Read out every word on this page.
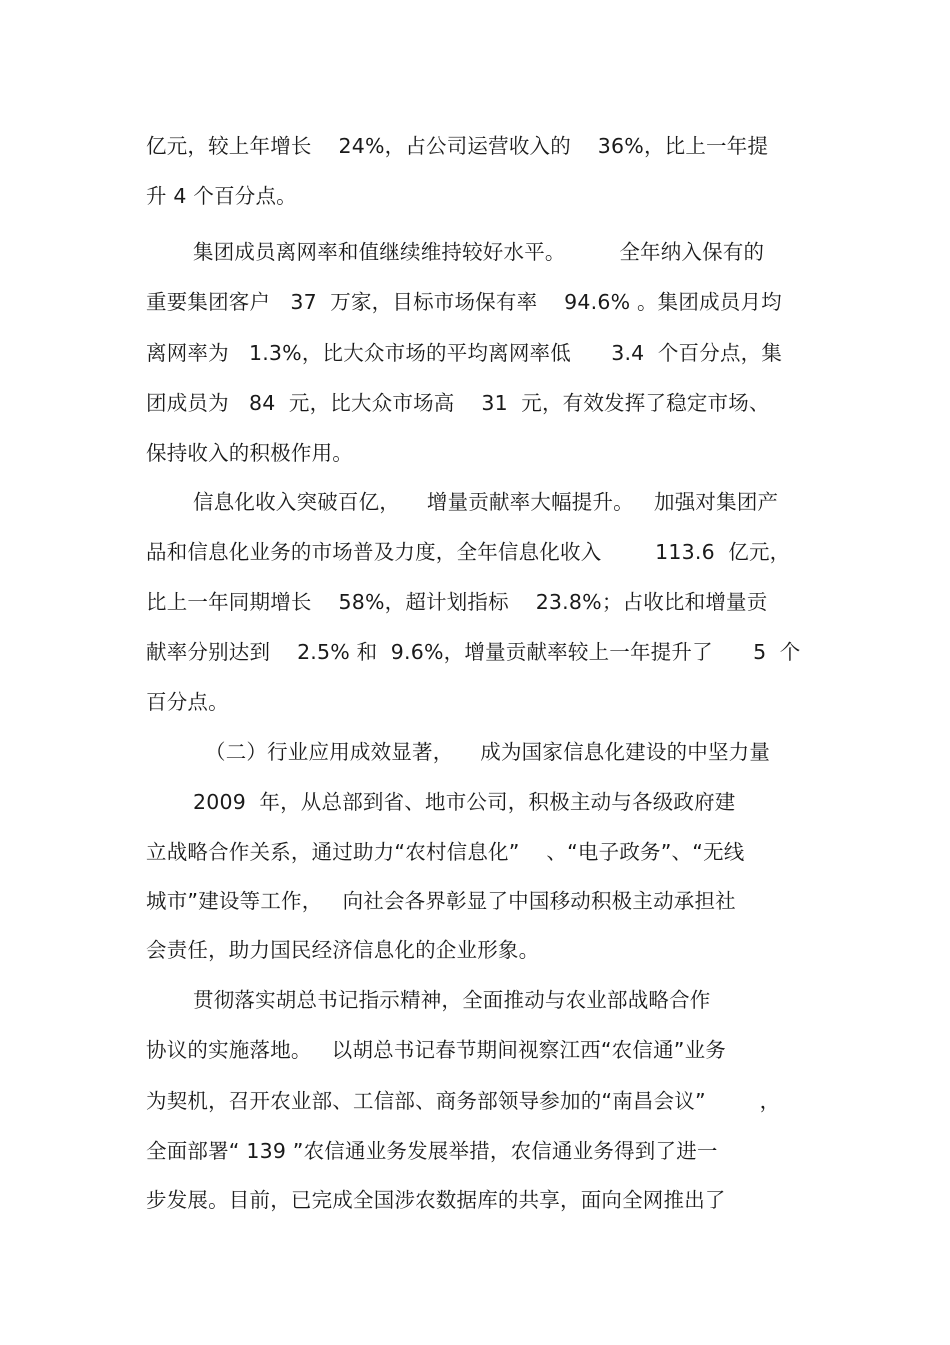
亿元，较上年增长    24%，占公司运营收入的    36%，比上一年提
升 4 个百分点。
集团成员离网率和值继续维持较好水平。        全年纳入保有的
重要集团客户   37  万家，目标市场保有率    94.6% 。集团成员月均
离网率为   1.3%，比大众市场的平均离网率低      3.4  个百分点，集
团成员为   84  元，比大众市场高    31  元，有效发挥了稳定市场、
保持收入的积极作用。
信息化收入突破百亿，    增量贡献率大幅提升。   加强对集团产
品和信息化业务的市场普及力度，全年信息化收入        113.6  亿元，
比上一年同期增长    58%，超计划指标    23.8%；占收比和增量贡
献率分别达到    2.5% 和  9.6%，增量贡献率较上一年提升了      5  个
百分点。
（二）行业应用成效显著，    成为国家信息化建设的中坚力量
2009  年，从总部到省、地市公司，积极主动与各级政府建
立战略合作关系，通过助力“农村信息化”    、“电子政务”、“无线
城市”建设等工作，   向社会各界彰显了中国移动积极主动承担社
会责任，助力国民经济信息化的企业形象。
贯彻落实胡总书记指示精神，全面推动与农业部战略合作
协议的实施落地。   以胡总书记春节期间视察江西“农信通”业务
为契机，召开农业部、工信部、商务部领导参加的“南昌会议”        ，
全面部署“ 139 ”农信通业务发展举措，农信通业务得到了进一
步发展。目前，已完成全国涉农数据库的共享，面向全网推出了
